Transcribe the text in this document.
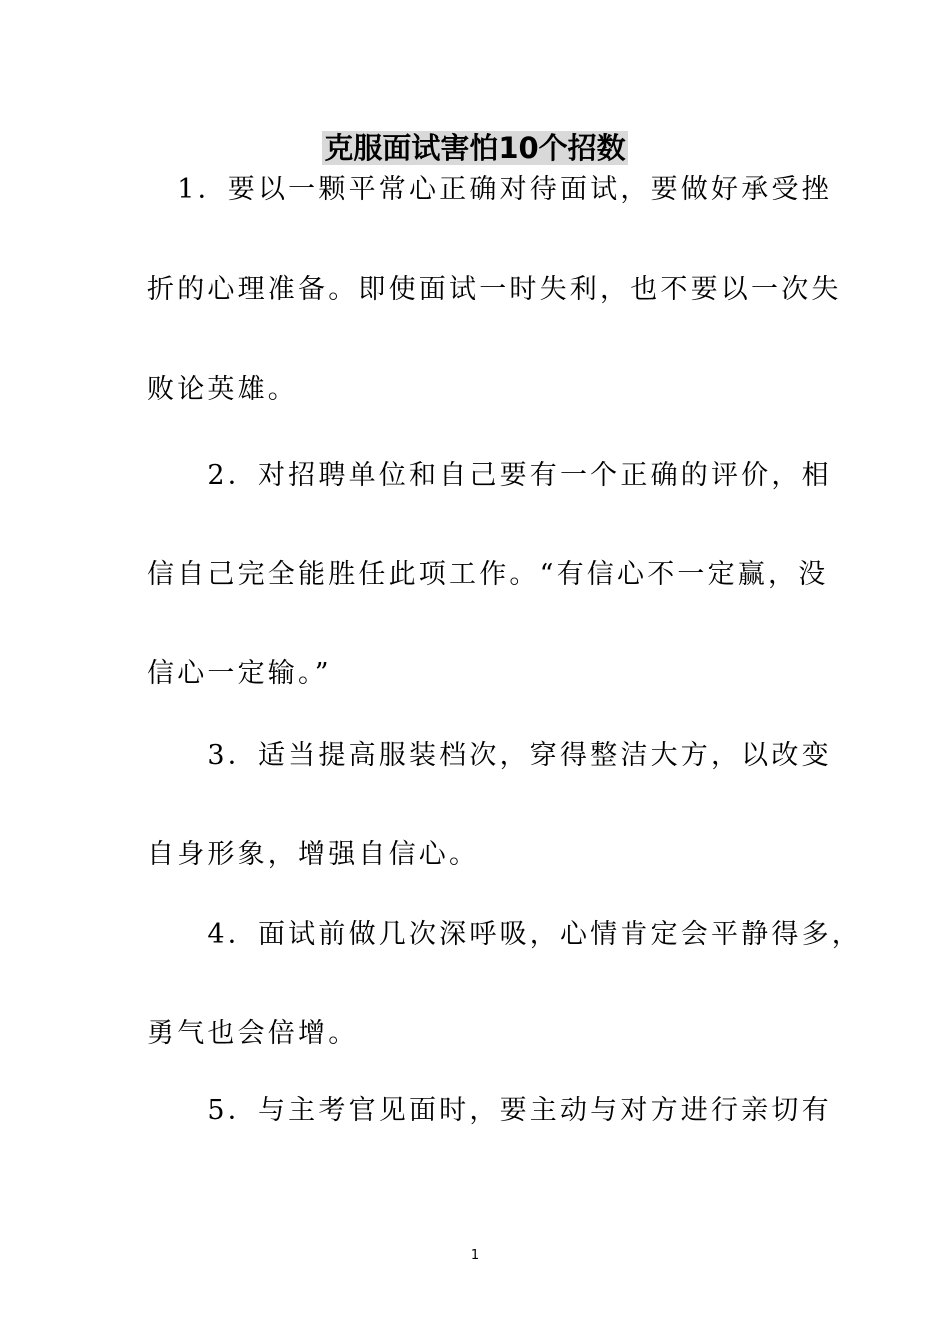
克服面试害怕10个招数
　1．要以一颗平常心正确对待面试，要做好承受挫
折的心理准备。即使面试一时失利，也不要以一次失
败论英雄。
　　2．对招聘单位和自己要有一个正确的评价，相
信自己完全能胜任此项工作。“有信心不一定赢，没
信心一定输。”
　　3．适当提高服装档次，穿得整洁大方，以改变
自身形象，增强自信心。
　　4．面试前做几次深呼吸，心情肯定会平静得多，
勇气也会倍增。
　　5．与主考官见面时，要主动与对方进行亲切有
1
